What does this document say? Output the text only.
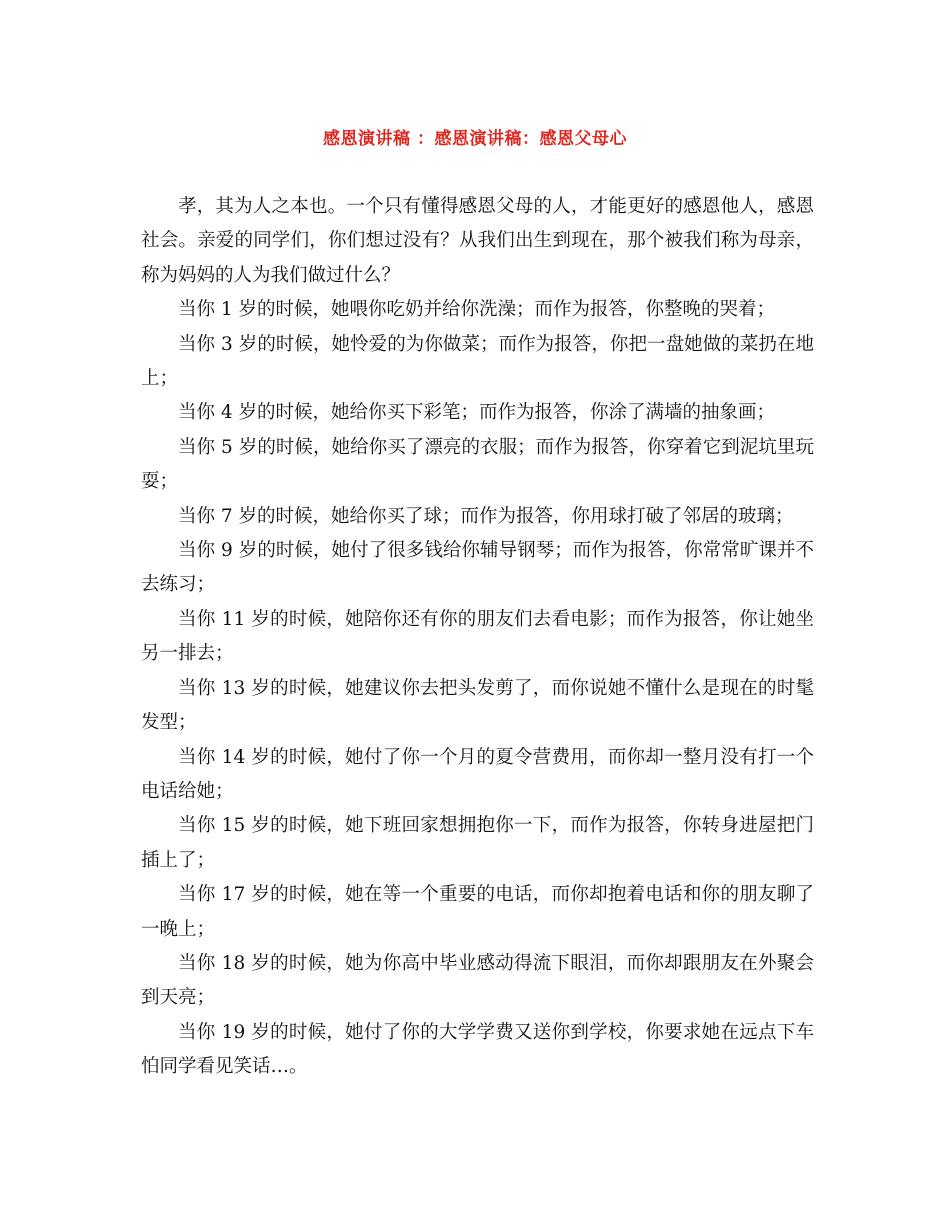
感恩演讲稿 ：感恩演讲稿：感恩父母心

孝，其为人之本也。一个只有懂得感恩父母的人，才能更好的感恩他人，感恩社会。亲爱的同学们，你们想过没有？从我们出生到现在，那个被我们称为母亲，称为妈妈的人为我们做过什么？

当你 1 岁的时候，她喂你吃奶并给你洗澡；而作为报答，你整晚的哭着；

当你 3 岁的时候，她怜爱的为你做菜；而作为报答，你把一盘她做的菜扔在地上；

当你 4 岁的时候，她给你买下彩笔；而作为报答，你涂了满墙的抽象画；

当你 5 岁的时候，她给你买了漂亮的衣服；而作为报答，你穿着它到泥坑里玩耍；

当你 7 岁的时候，她给你买了球；而作为报答，你用球打破了邻居的玻璃；

当你 9 岁的时候，她付了很多钱给你辅导钢琴；而作为报答，你常常旷课并不去练习；

当你 11 岁的时候，她陪你还有你的朋友们去看电影；而作为报答，你让她坐另一排去；

当你 13 岁的时候，她建议你去把头发剪了，而你说她不懂什么是现在的时髦发型；

当你 14 岁的时候，她付了你一个月的夏令营费用，而你却一整月没有打一个电话给她；

当你 15 岁的时候，她下班回家想拥抱你一下，而作为报答，你转身进屋把门插上了；

当你 17 岁的时候，她在等一个重要的电话，而你却抱着电话和你的朋友聊了一晚上；

当你 18 岁的时候，她为你高中毕业感动得流下眼泪，而你却跟朋友在外聚会到天亮；

当你 19 岁的时候，她付了你的大学学费又送你到学校，你要求她在远点下车怕同学看见笑话…。
